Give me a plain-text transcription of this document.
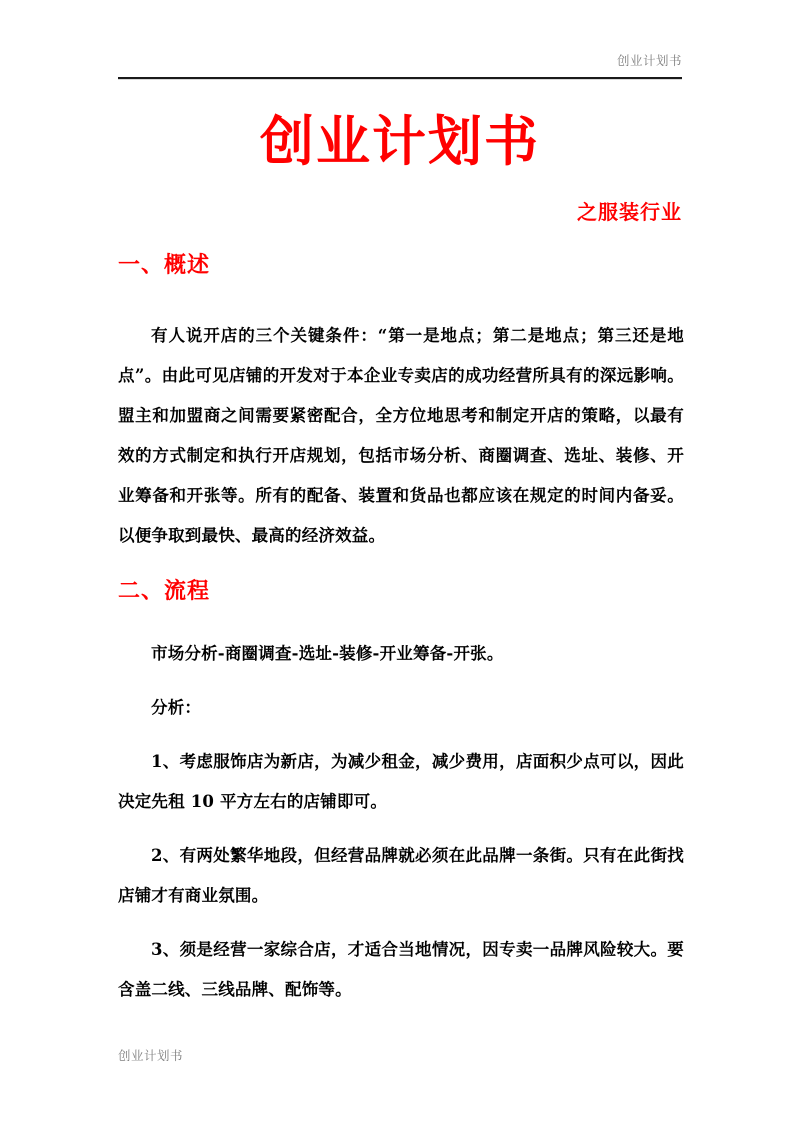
创业计划书
创业计划书
之服装行业
一、概述

有人说开店的三个关键条件：“第一是地点；第二是地点；第三还是地点”。由此可见店铺的开发对于本企业专卖店的成功经营所具有的深远影响。盟主和加盟商之间需要紧密配合，全方位地思考和制定开店的策略，以最有效的方式制定和执行开店规划，包括市场分析、商圈调查、选址、装修、开业筹备和开张等。所有的配备、装置和货品也都应该在规定的时间内备妥。以便争取到最快、最高的经济效益。

二、流程

市场分析-商圈调查-选址-装修-开业筹备-开张。

分析：

1、考虑服饰店为新店，为减少租金，减少费用，店面积少点可以，因此决定先租 10 平方左右的店铺即可。

2、有两处繁华地段，但经营品牌就必须在此品牌一条街。只有在此街找店铺才有商业氛围。

3、须是经营一家综合店，才适合当地情况，因专卖一品牌风险较大。要含盖二线、三线品牌、配饰等。

创业计划书
